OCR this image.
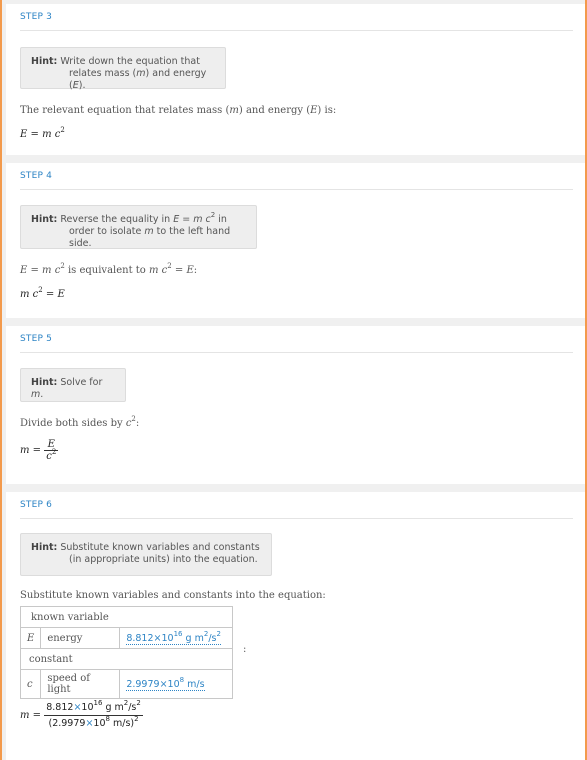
STEP 3
Hint: Write down the equation that
relates mass (m) and energy (E).
The relevant equation that relates mass (m) and energy (E) is:
E = m $c^2$
STEP 4
Hint: Reverse the equality in E = m $c^2$ in
order to isolate m to the left hand side.
E = m $c^2$ is equivalent to m $c^2 = E$:
m $c^2 = E$
STEP 5
Hint: Solve for m.
Divide both sides by $c^2$:
$m = \frac{E}{c^2}$
STEP 6
Hint: Substitute known variables and constants
(in appropriate units) into the equation.
Substitute known variables and constants into the equation:
known variable		
E	energy	$8.812\times 10^{16}$ g $m^2/s^2$
constant		
c	speed of light	$2.9979\times 10^8$ m/s
:
$m = \frac{8.812\times 10^{16} g m^2/s^2}{(2.9979\times 10^8 m/s)^2}$
